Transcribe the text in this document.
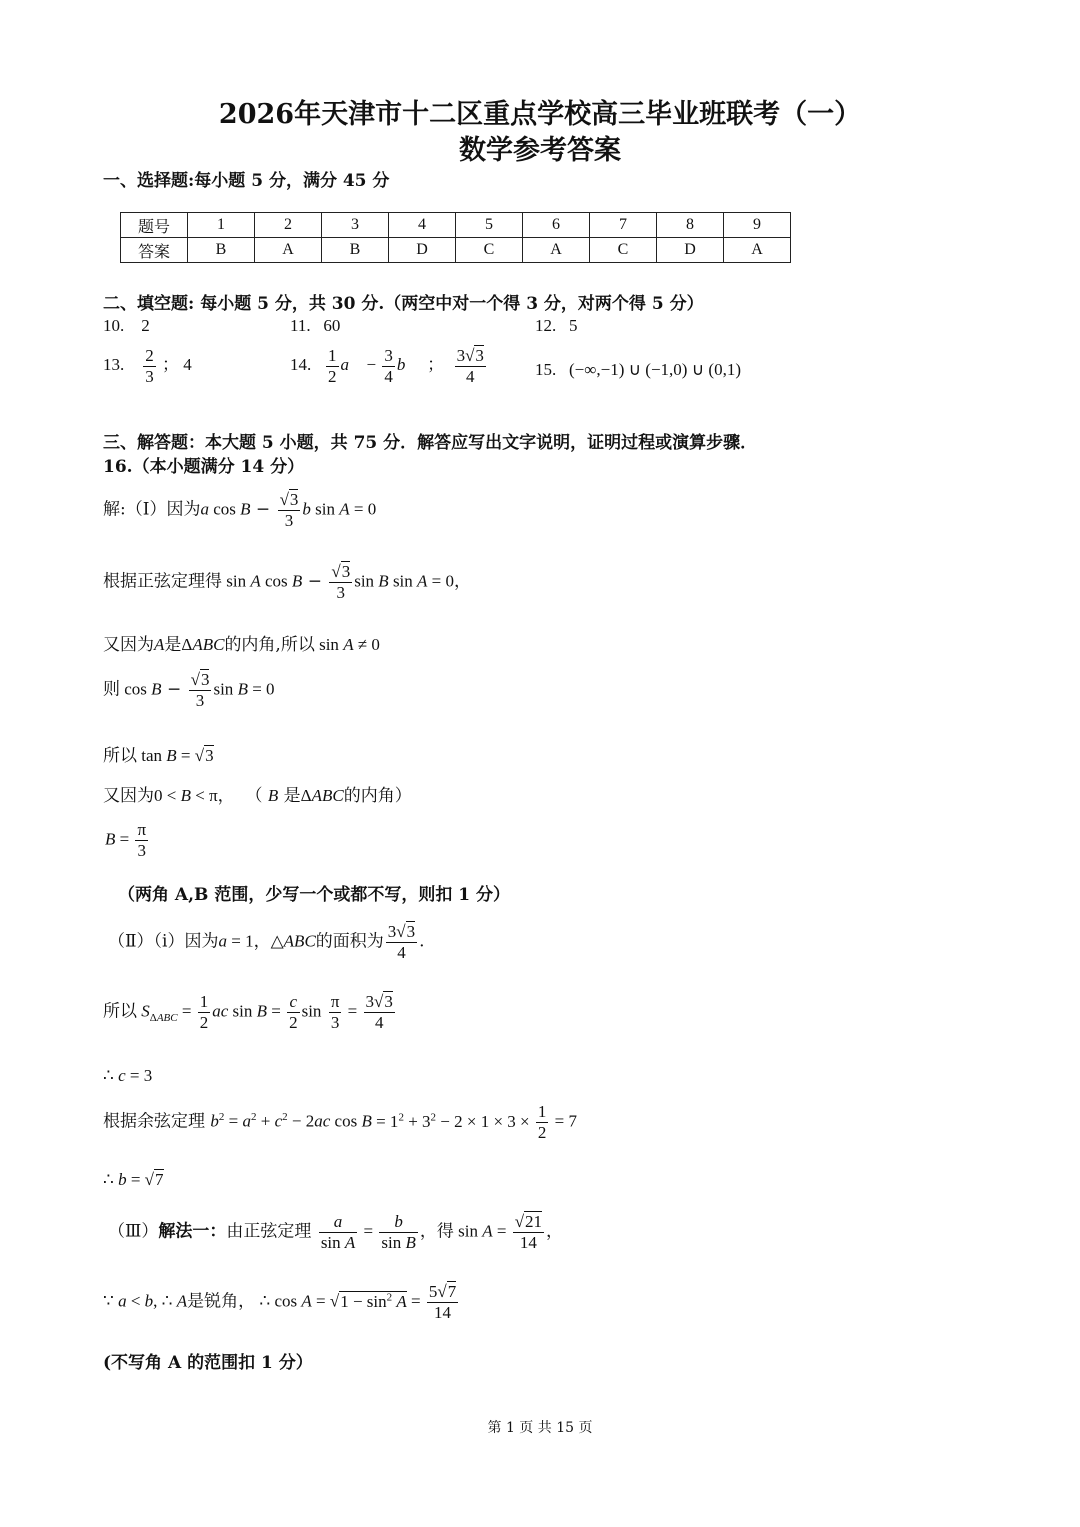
2026年天津市十二区重点学校高三毕业班联考（一）
数学参考答案
一、选择题:每小题 5 分，满分 45 分
题号	1	2	3	4	5	6	7	8	9
答案	B	A	B	D	C	A	C	D	A
二、填空题: 每小题 5 分，共 30 分.（两空中对一个得 3 分，对两个得 5 分）
10. 2	11. 60	12. 5
13. $\frac{2}{3}$ ； 4	14. $\frac{1}{2}$ a⃗ − $\frac{3}{4}$ b⃗ ； $\frac{3√3}{4}$	15. (−∞,−1) ∪ (−1,0) ∪ (0,1)
三、解答题：本大题 5 小题，共 75 分．解答应写出文字说明，证明过程或演算步骤．
16.（本小题满分 14 分）
解:（Ⅰ）因为a $\cos B - \frac{√3}{3}$ b sin A = 0
根据正弦定理得 sin A $\cos B - \frac{√3}{3}$ sin B sin A = 0，
又因为A是ΔABC的内角,所以 sin A ≠ 0
则 $\cos B - \frac{√3}{3}$ sin B = 0
所以 tan B = √3
又因为0 < B < π，  （ B 是ΔABC的内角）
$B = \frac{\pi}{3}$
（两角 A,B 范围，少写一个或都不写，则扣 1 分）
（Ⅱ）（ⅰ）因为a = 1，△ABC的面积为 $\frac{3√3}{4}$ .
所以 $S_{\Delta ABC} = \frac{1}{2}$ ac $\sin B = \frac{c}{2}$ $\sin \frac{\pi}{3} = \frac{3√3}{4}$
∴ c = 3
根据余弦定理 $b^2 = a^2 + c^2 - 2ac$ $\cos B = 1^2 + 3^2 - 2 \times 1 \times 3 \times \frac{1}{2} = 7$
∴ b = √7
（Ⅲ）解法一：由正弦定理 $\frac{a}{\text{sin A}} = \frac{b}{\text{sin B}}$ ，得 $\sin A = \frac{√21}{14}$ ，
∵ a < b, ∴ A是锐角， ∴ $\cos A = √1 - \sin^2 A = \frac{5√7}{14}$
(不写角 A 的范围扣 1 分）
第 1 页 共 15 页
